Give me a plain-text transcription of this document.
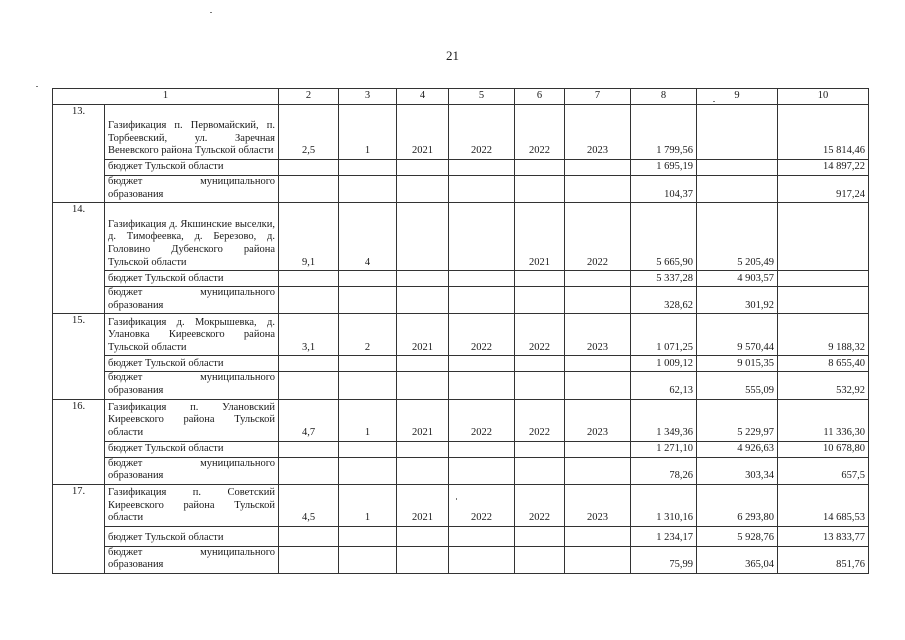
21
1		2	3	4	5	6	7	8	9	10
13.	Газификация п. Первомайский, п. Торбеевский, ул. Заречная Веневского района Тульской области	2,5	1	2021	2022	2022	2023	1 799,56		15 814,46
	бюджет Тульской области							1 695,19		14 897,22

	бюджет муниципального
образования							104,37		917,24
14.	Газификация д. Якшинские выселки, д. Тимофеевка, д. Березово, д. Головино Дубенского района Тульской области	9,1	4			2021	2022	5 665,90	5 205,49	
	бюджет Тульской области							5 337,28	4 903,57	

	бюджет муниципального
образования							328,62	301,92	
15.	Газификация д. Мокрышевка, д. Улановка Киреевского района Тульской области	3,1	2	2021	2022	2022	2023	1 071,25	9 570,44	9 188,32
	бюджет Тульской области							1 009,12	9 015,35	8 655,40

	бюджет муниципального
образования							62,13	555,09	532,92
16.	Газификация п. Улановский Киреевского района Тульской области	4,7	1	2021	2022	2022	2023	1 349,36	5 229,97	11 336,30
	бюджет Тульской области							1 271,10	4 926,63	10 678,80

	бюджет муниципального
образования							78,26	303,34	657,5
17.	Газификация п. Советский Киреевского района Тульской области	4,5	1	2021	2022	2022	2023	1 310,16	6 293,80	14 685,53
	бюджет Тульской области							1 234,17	5 928,76	13 833,77

	бюджет муниципального
образования							75,99	365,04	851,76
